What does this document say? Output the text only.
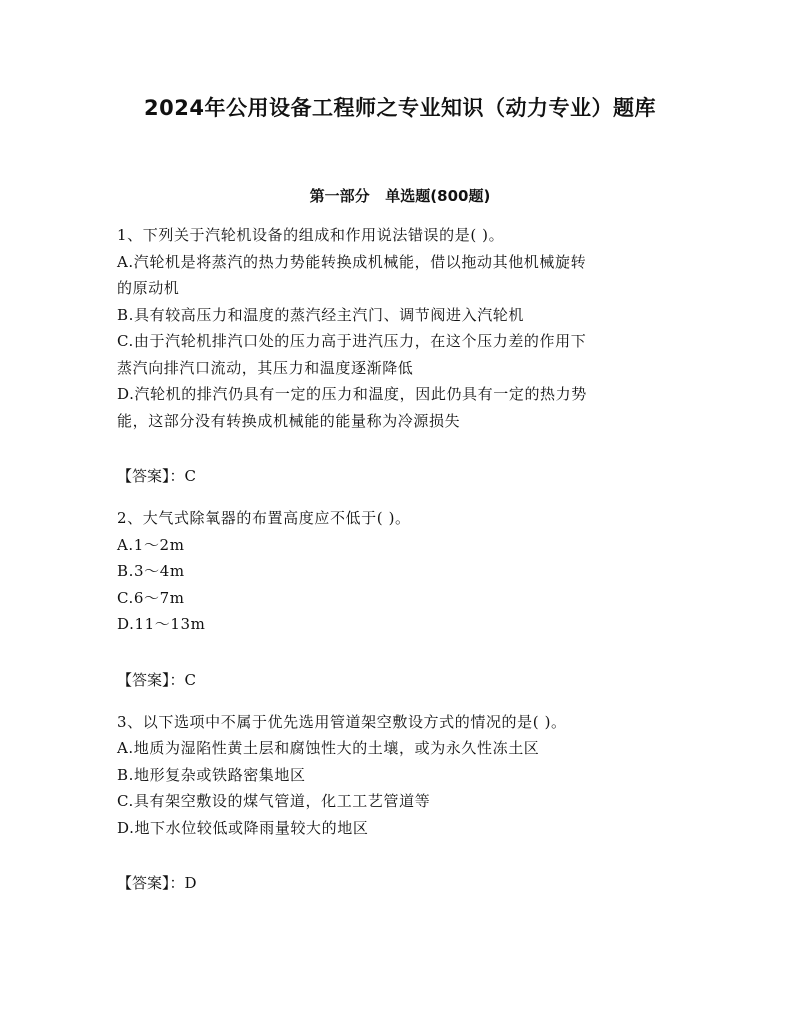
2024年公用设备工程师之专业知识（动力专业）题库
第一部分   单选题(800题)

1、下列关于汽轮机设备的组成和作用说法错误的是( )。

A.汽轮机是将蒸汽的热力势能转换成机械能，借以拖动其他机械旋转

的原动机

B.具有较高压力和温度的蒸汽经主汽门、调节阀进入汽轮机

C.由于汽轮机排汽口处的压力高于进汽压力，在这个压力差的作用下

蒸汽向排汽口流动，其压力和温度逐渐降低

D.汽轮机的排汽仍具有一定的压力和温度，因此仍具有一定的热力势

能，这部分没有转换成机械能的能量称为冷源损失

【答案】：C

2、大气式除氧器的布置高度应不低于( )。

A.1～2m

B.3～4m

C.6～7m

D.11～13m

【答案】：C

3、以下选项中不属于优先选用管道架空敷设方式的情况的是( )。

A.地质为湿陷性黄土层和腐蚀性大的土壤，或为永久性冻土区

B.地形复杂或铁路密集地区

C.具有架空敷设的煤气管道，化工工艺管道等

D.地下水位较低或降雨量较大的地区

【答案】：D
